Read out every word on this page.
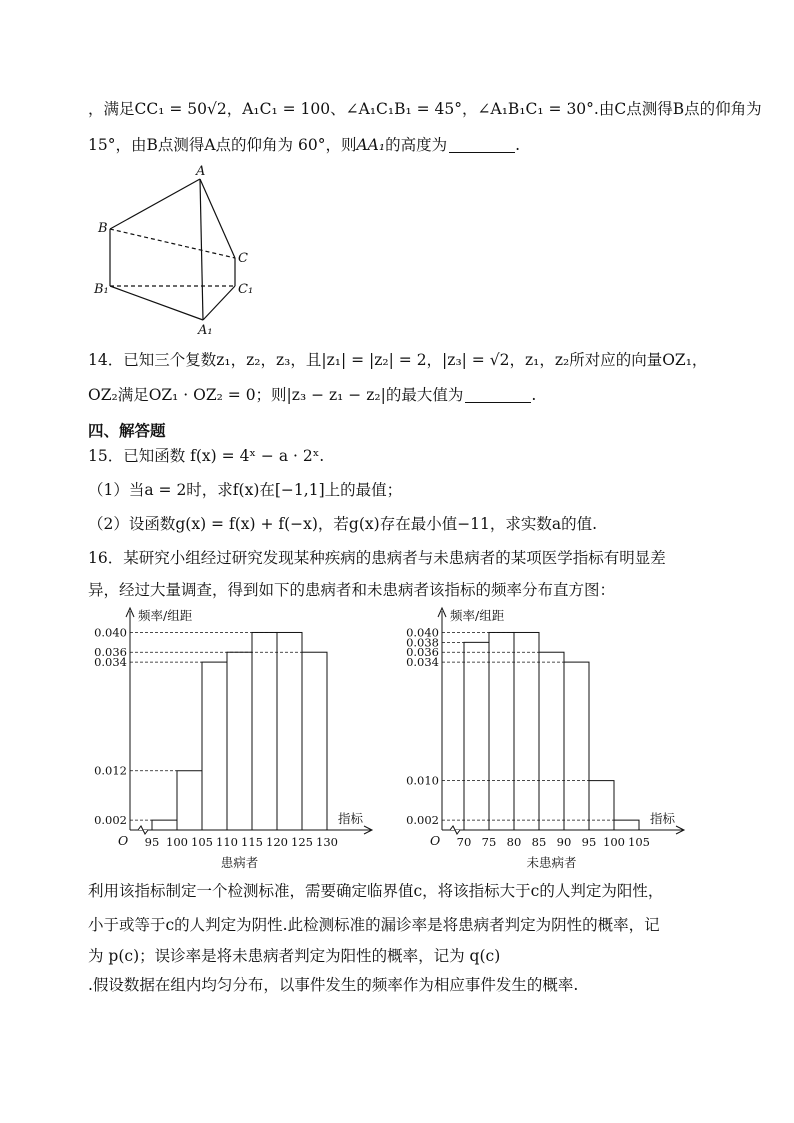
，满足CC₁ = 50√2，A₁C₁ = 100、∠A₁C₁B₁ = 45°，∠A₁B₁C₁ = 30°.由C点测得B点的仰角为
15°，由B点测得A点的仰角为 60°，则AA₁的高度为	.
A
B
C
B₁	C₁
A₁
14．已知三个复数z₁，z₂，z₃，且|z₁| = |z₂| = 2，|z₃| = √2，z₁，z₂所对应的向量OZ₁，
OZ₂满足OZ₁ · OZ₂ = 0；则|z₃ − z₁ − z₂|的最大值为	.
四、解答题
15．已知函数 f(x) = 4ˣ − a · 2ˣ.
（1）当a = 2时，求f(x)在[−1,1]上的最值；
（2）设函数g(x) = f(x) + f(−x)，若g(x)存在最小值−11，求实数a的值.
16．某研究小组经过研究发现某种疾病的患病者与未患病者的某项医学指标有明显差
异，经过大量调查，得到如下的患病者和未患病者该指标的频率分布直方图：
0.040
0.036
0.034
0.012
0.002
95 100 105 110 115 120 125 130
频率/组距
指标
O
患病者
0.040
0.038
0.036
0.034
0.010
0.002
70 75 80 85 90 95 100 105
频率/组距
指标
O
未患病者
利用该指标制定一个检测标准，需要确定临界值c，将该指标大于c的人判定为阳性，
小于或等于c的人判定为阴性.此检测标准的漏诊率是将患病者判定为阴性的概率，记
为 p(c)；误诊率是将未患病者判定为阳性的概率，记为 q(c)
.假设数据在组内均匀分布，以事件发生的频率作为相应事件发生的概率.
